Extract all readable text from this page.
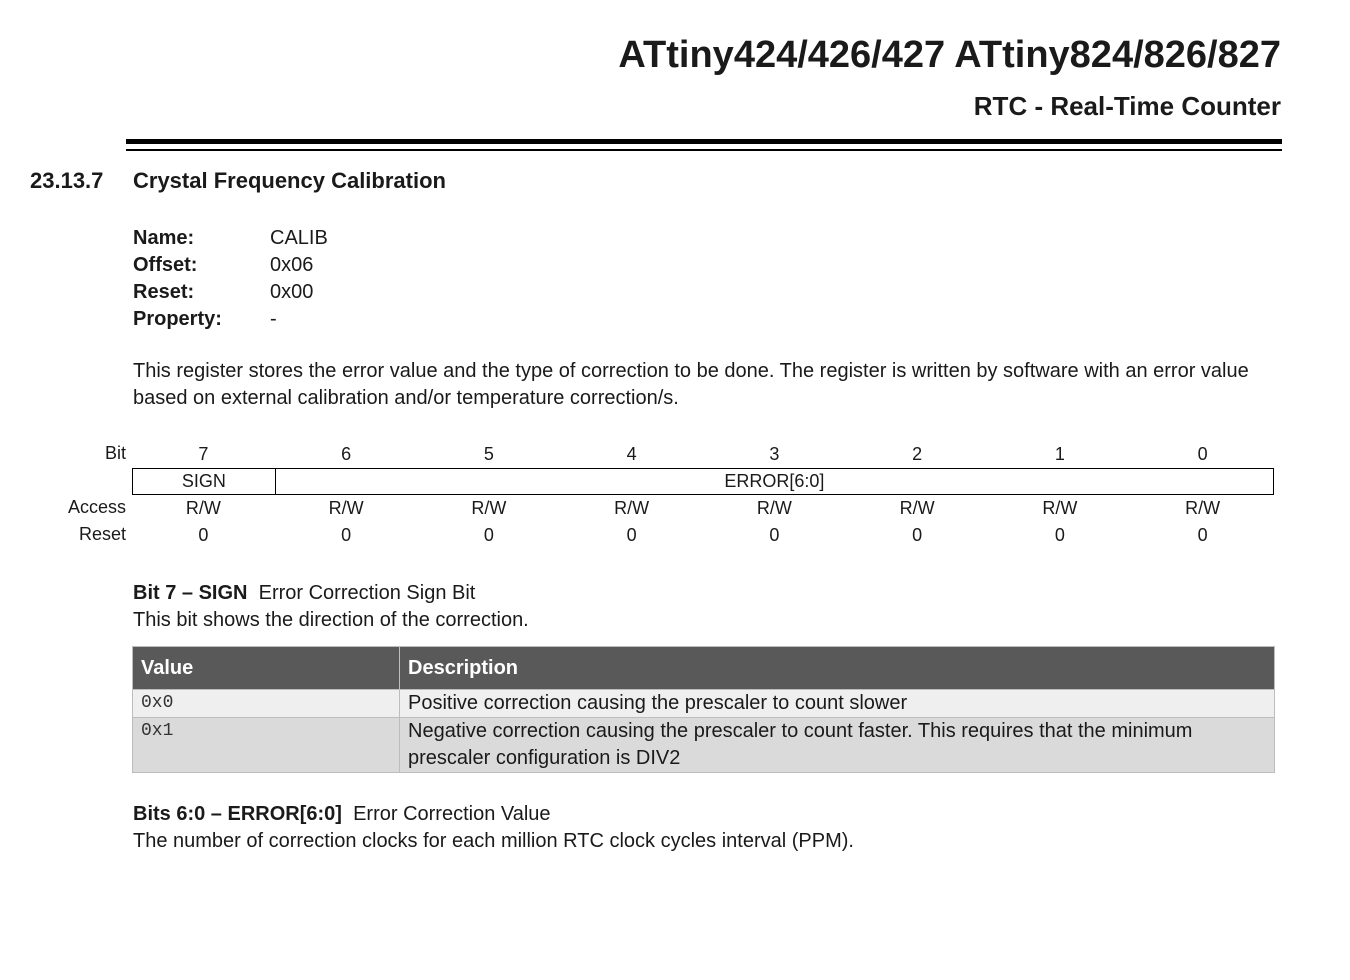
ATtiny424/426/427 ATtiny824/826/827
RTC - Real-Time Counter
23.13.7 Crystal Frequency Calibration
Name:	CALIB
Offset:	0x06
Reset:	0x00
Property:	-
This register stores the error value and the type of correction to be done. The register is written by software with an error value based on external calibration and/or temperature correction/s.
Bit	7	6	5	4	3	2	1	0
SIGN	ERROR[6:0]
Access	R/W	R/W	R/W	R/W	R/W	R/W	R/W	R/W
Reset	0	0	0	0	0	0	0	0
Bit 7 – SIGN Error Correction Sign Bit
This bit shows the direction of the correction.
Value	Description
0x0	Positive correction causing the prescaler to count slower
0x1	Negative correction causing the prescaler to count faster. This requires that the minimum prescaler configuration is DIV2
Bits 6:0 – ERROR[6:0] Error Correction Value
The number of correction clocks for each million RTC clock cycles interval (PPM).
